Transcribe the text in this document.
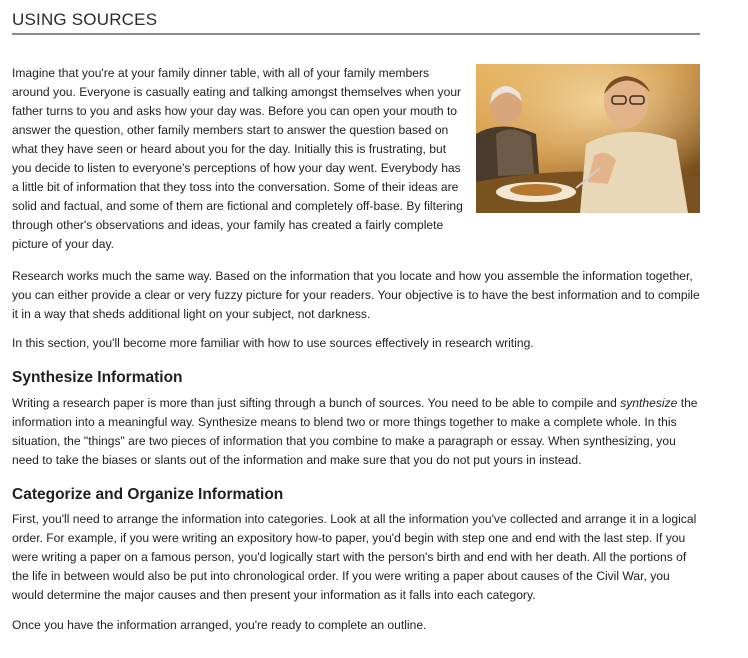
USING SOURCES

Imagine that you're at your family dinner table, with all of your family members around you. Everyone is casually eating and talking amongst themselves when your father turns to you and asks how your day was. Before you can open your mouth to answer the question, other family members start to answer the question based on what they have seen or heard about you for the day. Initially this is frustrating, but you decide to listen to everyone's perceptions of how your day went. Everybody has a little bit of information that they toss into the conversation. Some of their ideas are solid and factual, and some of them are fictional and completely off-base. By filtering through other's observations and ideas, your family has created a fairly complete picture of your day.

Research works much the same way. Based on the information that you locate and how you assemble the information together, you can either provide a clear or very fuzzy picture for your readers. Your objective is to have the best information and to compile it in a way that sheds additional light on your subject, not darkness.

In this section, you'll become more familiar with how to use sources effectively in research writing.

Synthesize Information

Writing a research paper is more than just sifting through a bunch of sources. You need to be able to compile and synthesize the information into a meaningful way. Synthesize means to blend two or more things together to make a complete whole. In this situation, the "things" are two pieces of information that you combine to make a paragraph or essay. When synthesizing, you need to take the biases or slants out of the information and make sure that you do not put yours in instead.

Categorize and Organize Information

First, you'll need to arrange the information into categories. Look at all the information you've collected and arrange it in a logical order. For example, if you were writing an expository how-to paper, you'd begin with step one and end with the last step. If you were writing a paper on a famous person, you'd logically start with the person's birth and end with her death. All the portions of the life in between would also be put into chronological order. If you were writing a paper about causes of the Civil War, you would determine the major causes and then present your information as it falls into each category.

Once you have the information arranged, you're ready to complete an outline.
